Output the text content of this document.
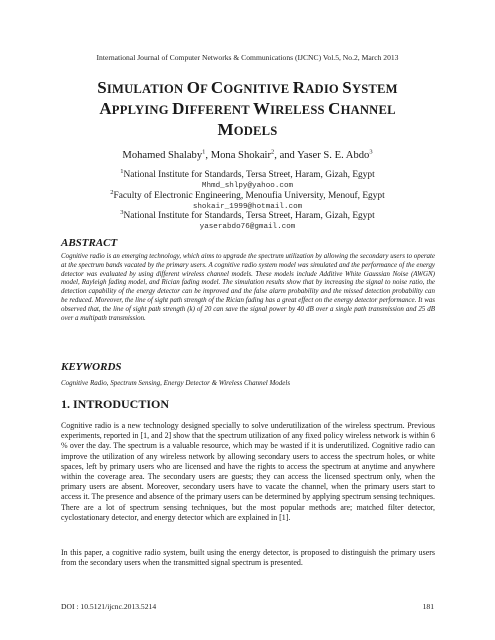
International Journal of Computer Networks & Communications (IJCNC) Vol.5, No.2, March 2013
SIMULATION OF COGNITIVE RADIO SYSTEM
APPLYING DIFFERENT WIRELESS CHANNEL
MODELS
Mohamed Shalaby$^1$, Mona Shokair$^2$, and Yaser S. E. Abdo$^3$
$^1$National Institute for Standards, Tersa Street, Haram, Gizah, Egypt
Mhmd_shlpy@yahoo.com
$^2$Faculty of Electronic Engineering, Menoufia University, Menouf, Egypt
shokair_1999@hotmail.com
$^3$National Institute for Standards, Tersa Street, Haram, Gizah, Egypt
yaserabdo76@gmail.com
ABSTRACT

Cognitive radio is an emerging technology, which aims to upgrade the spectrum utilization by allowing the secondary users to operate at the spectrum bands vacated by the primary users. A cognitive radio system model was simulated and the performance of the energy detector was evaluated by using different wireless channel models. These models include Additive White Gaussian Noise (AWGN) model, Rayleigh fading model, and Rician fading model. The simulation results show that by increasing the signal to noise ratio, the detection capability of the energy detector can be improved and the false alarm probability and the missed detection probability can be reduced. Moreover, the line of sight path strength of the Rician fading has a great effect on the energy detector performance. It was observed that, the line of sight path strength (k) of 20 can save the signal power by 40 dB over a single path transmission and 25 dB over a multipath transmission.

KEYWORDS
Cognitive Radio, Spectrum Sensing, Energy Detector & Wireless Channel Models
1. INTRODUCTION

Cognitive radio is a new technology designed specially to solve underutilization of the wireless spectrum. Previous experiments, reported in [1, and 2] show that the spectrum utilization of any fixed policy wireless network is within 6 % over the day. The spectrum is a valuable resource, which may be wasted if it is underutilized. Cognitive radio can improve the utilization of any wireless network by allowing secondary users to access the spectrum holes, or white spaces, left by primary users who are licensed and have the rights to access the spectrum at anytime and anywhere within the coverage area. The secondary users are guests; they can access the licensed spectrum only, when the primary users are absent. Moreover, secondary users have to vacate the channel, when the primary users start to access it. The presence and absence of the primary users can be determined by applying spectrum sensing techniques. There are a lot of spectrum sensing techniques, but the most popular methods are; matched filter detector, cyclostationary detector, and energy detector which are explained in [1].

In this paper, a cognitive radio system, built using the energy detector, is proposed to distinguish the primary users from the secondary users when the transmitted signal spectrum is presented.

DOI : 10.5121/ijcnc.2013.5214	181
